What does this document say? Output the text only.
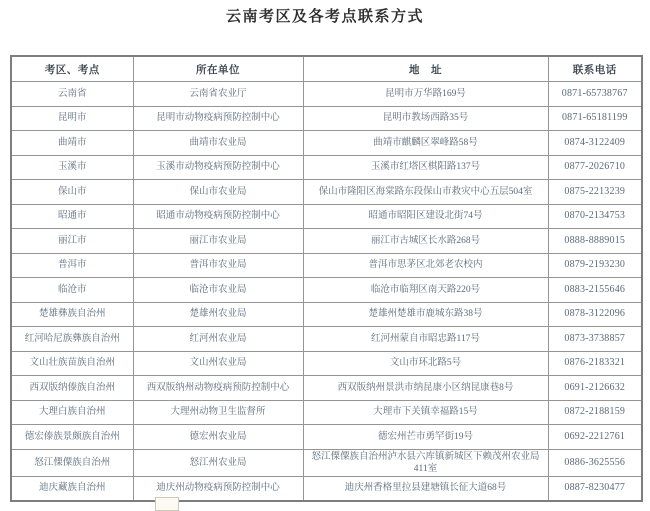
云南考区及各考点联系方式
考区、考点	所在单位	地　址	联系电话
云南省	云南省农业厅	昆明市万华路169号	0871-65738767
昆明市	昆明市动物疫病预防控制中心	昆明市教场西路35号	0871-65181199
曲靖市	曲靖市农业局	曲靖市麒麟区翠峰路58号	0874-3122409
玉溪市	玉溪市动物疫病预防控制中心	玉溪市红塔区棋阳路137号	0877-2026710
保山市	保山市农业局	保山市隆阳区海棠路东段保山市救灾中心五层504室	0875-2213239
昭通市	昭通市动物疫病预防控制中心	昭通市昭阳区建设北街74号	0870-2134753
丽江市	丽江市农业局	丽江市古城区长水路268号	0888-8889015
普洱市	普洱市农业局	普洱市思茅区北郊老农校内	0879-2193230
临沧市	临沧市农业局	临沧市临翔区南天路220号	0883-2155646
楚雄彝族自治州	楚雄州农业局	楚雄州楚雄市鹿城东路38号	0878-3122096
红河哈尼族彝族自治州	红河州农业局	红河州蒙自市昭忠路117号	0873-3738857
文山壮族苗族自治州	文山州农业局	文山市环北路5号	0876-2183321
西双版纳傣族自治州	西双版纳州动物疫病预防控制中心	西双版纳州景洪市纳昆康小区纳昆康巷8号	0691-2126632
大理白族自治州	大理州动物卫生监督所	大理市下关镇幸福路15号	0872-2188159
德宏傣族景颇族自治州	德宏州农业局	德宏州芒市勇罕街19号	0692-2212761
怒江傈僳族自治州	怒江州农业局	怒江傈僳族自治州泸水县六库镇新城区下赖茂州农业局411室	0886-3625556
迪庆藏族自治州	迪庆州动物疫病预防控制中心	迪庆州香格里拉县建塘镇长征大道68号	0887-8230477
